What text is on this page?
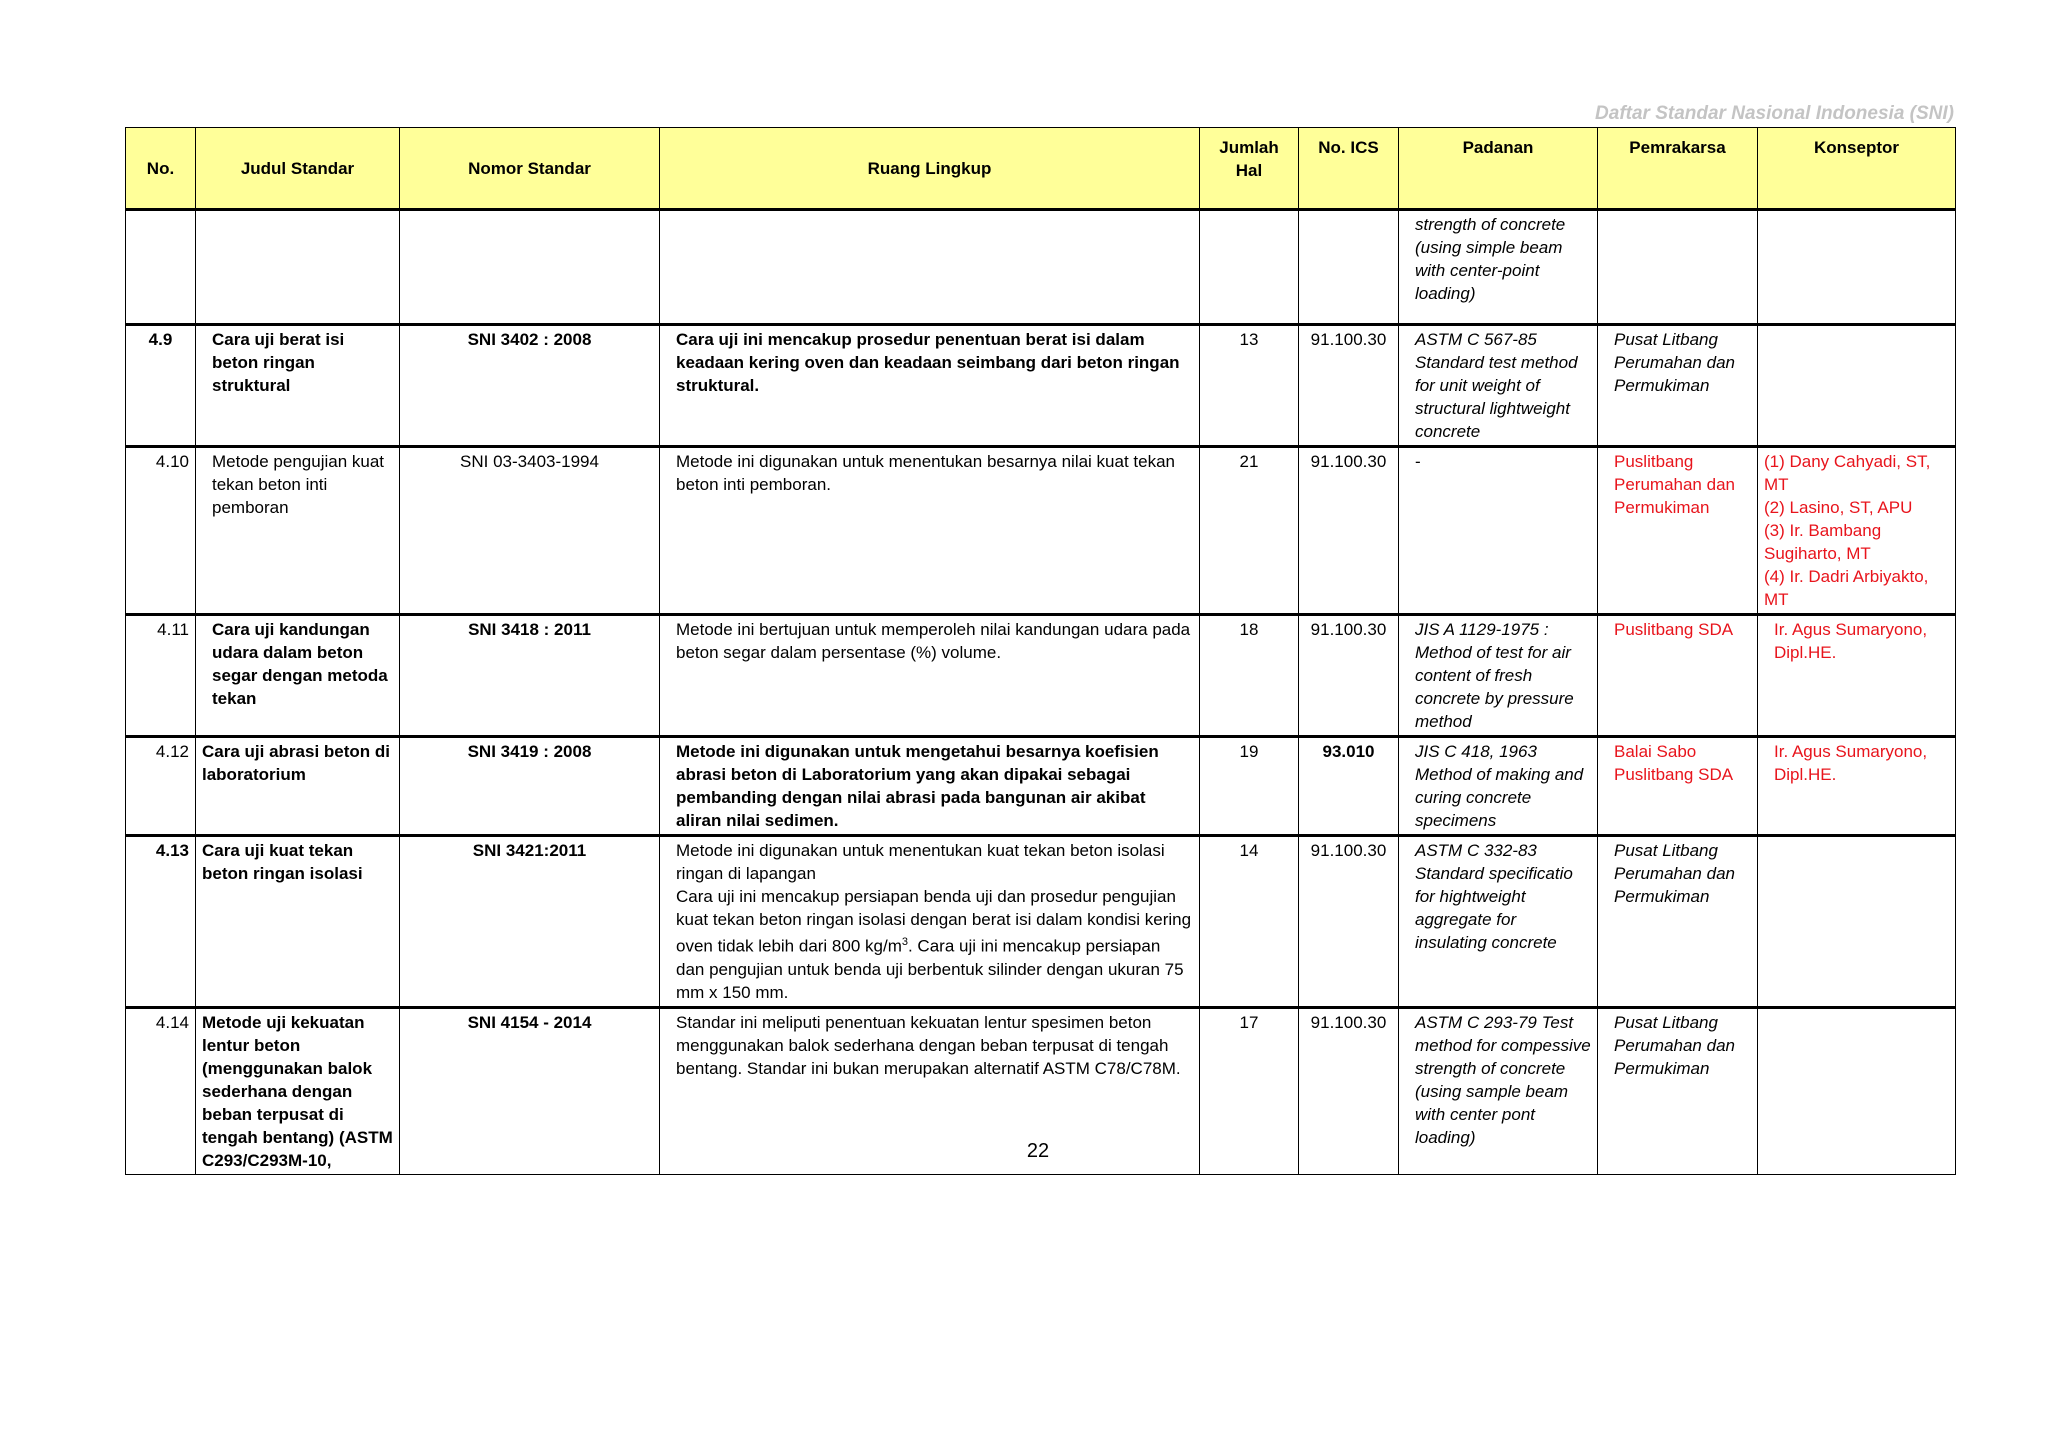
Daftar Standar Nasional Indonesia (SNI)
No.	Judul Standar	Nomor Standar	Ruang Lingkup	Jumlah Hal	No. ICS	Padanan	Pemrakarsa	Konseptor
						strength of concrete (using simple beam with center-point loading)		
4.9	Cara uji berat isi beton ringan struktural	SNI 3402 : 2008	Cara uji ini mencakup prosedur penentuan berat isi dalam keadaan kering oven dan keadaan seimbang dari beton ringan struktural.	13	91.100.30	ASTM C 567-85 Standard test method for unit weight of structural lightweight concrete	Pusat Litbang Perumahan dan Permukiman	
4.10	Metode pengujian kuat tekan beton inti pemboran	SNI 03-3403-1994	Metode ini digunakan untuk menentukan besarnya nilai kuat tekan beton inti pemboran.	21	91.100.30	-	Puslitbang Perumahan dan Permukiman	(1) Dany Cahyadi, ST, MT
(2) Lasino, ST, APU
(3) Ir. Bambang Sugiharto, MT
(4) Ir. Dadri Arbiyakto, MT

4.11	Cara uji kandungan udara dalam beton segar dengan metoda tekan	SNI 3418 : 2011	Metode ini bertujuan untuk memperoleh nilai kandungan udara pada beton segar dalam persentase (%) volume.	18	91.100.30	JIS A 1129-1975 : Method of test for air content of fresh concrete by pressure method	Puslitbang SDA	Ir. Agus Sumaryono, Dipl.HE.
4.12	Cara uji abrasi beton di laboratorium	SNI 3419 : 2008	Metode ini digunakan untuk mengetahui besarnya koefisien abrasi beton di Laboratorium yang akan dipakai sebagai pembanding dengan nilai abrasi pada bangunan air akibat aliran nilai sedimen.	19	93.010	JIS C 418, 1963 Method of making and curing concrete specimens	Balai Sabo Puslitbang SDA	Ir. Agus Sumaryono, Dipl.HE.
4.13	Cara uji kuat tekan beton ringan isolasi	SNI 3421:2011	Metode ini digunakan untuk menentukan kuat tekan beton isolasi ringan di lapangan
Cara uji ini mencakup persiapan benda uji dan prosedur pengujian kuat tekan beton ringan isolasi dengan berat isi dalam kondisi kering oven tidak lebih dari 800 $kg/m^3$. Cara uji ini mencakup persiapan dan pengujian untuk benda uji berbentuk silinder dengan ukuran 75 mm x 150 mm.	14	91.100.30	ASTM C 332-83 Standard specificatio for hightweight aggregate for insulating concrete	Pusat Litbang Perumahan dan Permukiman	
4.14	Metode uji kekuatan lentur beton (menggunakan balok sederhana dengan beban terpusat di tengah bentang) (ASTM C293/C293M-10,	SNI 4154 - 2014	Standar ini meliputi penentuan kekuatan lentur spesimen beton menggunakan balok sederhana dengan beban terpusat di tengah bentang. Standar ini bukan merupakan alternatif ASTM C78/C78M.	17	91.100.30	ASTM C 293-79 Test method for compessive strength of concrete (using sample beam with center pont loading)	Pusat Litbang Perumahan dan Permukiman	
22
